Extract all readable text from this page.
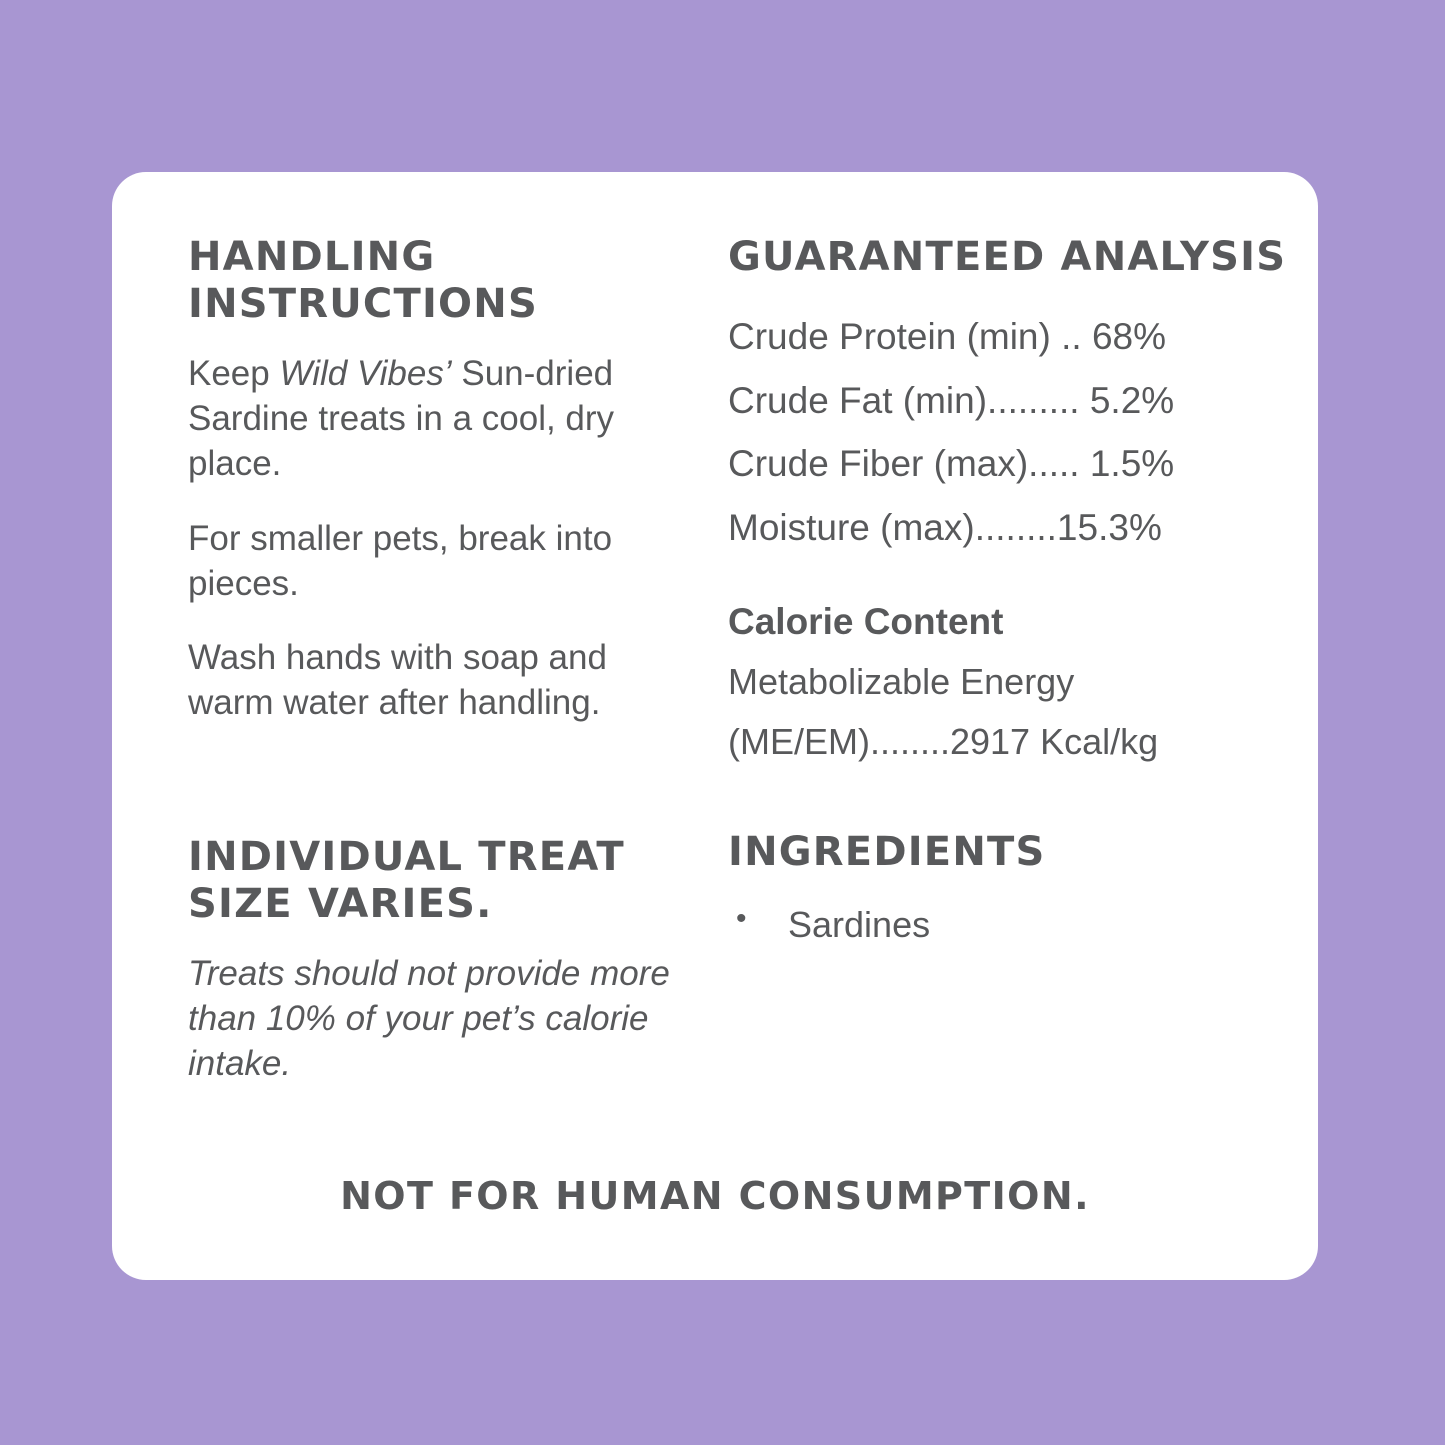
HANDLING INSTRUCTIONS

Keep Wild Vibes’ Sun-dried Sardine treats in a cool, dry place.

For smaller pets, break into pieces.

Wash hands with soap and warm water after handling.

INDIVIDUAL TREAT SIZE VARIES.

Treats should not provide more than 10% of your pet’s calorie intake.

GUARANTEED ANALYSIS
Crude Protein (min) .. 68%
Crude Fat (min)......... 5.2%
Crude Fiber (max)..... 1.5%
Moisture (max)........15.3%
Calorie Content

Metabolizable Energy

(ME/EM)........2917 Kcal/kg

INGREDIENTS
• Sardines
NOT FOR HUMAN CONSUMPTION.
